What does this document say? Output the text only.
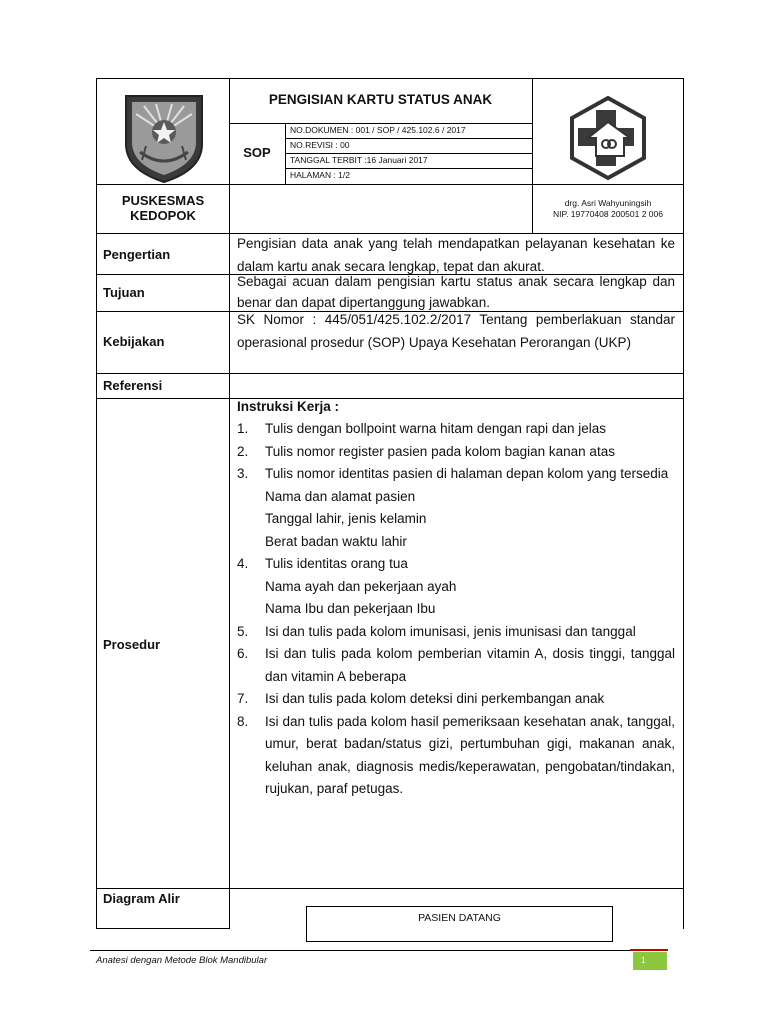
PUSKESMAS
KEDOPOK
PENGISIAN KARTU STATUS ANAK
SOP
NO.DOKUMEN : 001 / SOP / 425.102.6 / 2017
NO.REVISI : 00
TANGGAL TERBIT :16 Januari 2017
HALAMAN : 1/2
drg. Asri Wahyuningsih
NIP. 19770408 200501 2 006
Pengertian
Pengisian data anak yang telah mendapatkan pelayanan kesehatan ke dalam kartu anak secara lengkap, tepat dan akurat.
Tujuan
Sebagai acuan dalam pengisian kartu status anak secara lengkap dan benar dan dapat dipertanggung jawabkan.
Kebijakan
SK Nomor : 445/051/425.102.2/2017 Tentang pemberlakuan standar operasional prosedur (SOP) Upaya Kesehatan Perorangan (UKP)
Referensi
Prosedur
Instruksi Kerja :
1. Tulis dengan bollpoint warna hitam dengan rapi dan jelas
2. Tulis nomor register pasien pada kolom bagian kanan atas
3. Tulis nomor identitas pasien di halaman depan kolom yang tersedia
Nama dan alamat pasien
Tanggal lahir, jenis kelamin
Berat badan waktu lahir
4. Tulis identitas orang tua
Nama ayah dan pekerjaan ayah
Nama Ibu dan pekerjaan Ibu
5. Isi dan tulis pada kolom imunisasi, jenis imunisasi dan tanggal
6. Isi dan tulis pada kolom pemberian vitamin A, dosis tinggi, tanggal dan vitamin A beberapa
7. Isi dan tulis pada kolom deteksi dini perkembangan anak
8. Isi dan tulis pada kolom hasil pemeriksaan kesehatan anak, tanggal, umur, berat badan/status gizi, pertumbuhan gigi, makanan anak, keluhan anak, diagnosis medis/keperawatan, pengobatan/tindakan, rujukan, paraf petugas.
Diagram Alir
PASIEN DATANG
Anatesi dengan Metode Blok Mandibular	1
